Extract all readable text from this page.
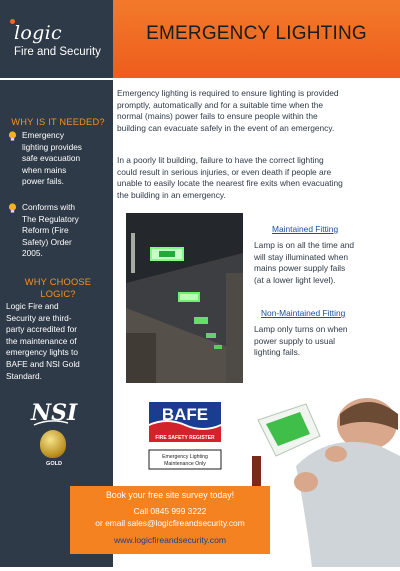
logic
Fire and Security
EMERGENCY LIGHTING
WHY IS IT NEEDED?
Emergency
lighting provides
safe evacuation
when mains
power fails.
Conforms with
The Regulatory
Reform (Fire
Safety) Order
2005.
WHY CHOOSE
LOGIC?
Logic Fire and
Security are third-
party accredited for
the maintenance of
emergency lights to
BAFE and NSI Gold
Standard.
NSI
GOLD
Emergency lighting is required to ensure lighting is provided
promptly, automatically and for a suitable time when the
normal (mains) power fails to ensure people within the
building can evacuate safely in the event of an emergency.
In a poorly lit building, failure to have the correct lighting
could result in serious injuries, or even death if people are
unable to easily locate the nearest fire exits when evacuating
the building in an emergency.
Maintained Fitting
Lamp is on all the time and
will stay illuminated when
mains power supply fails
(at a lower light level).
Non-Maintained Fitting
Lamp only turns on when
power supply to usual
lighting fails.
BAFE
FIRE SAFETY REGISTER
Emergency Lighting
Maintenance Only
Book your free site survey today!
Call 0845 999 3222
or email sales@logicfireandsecurity.com
www.logicfireandsecurity.com
